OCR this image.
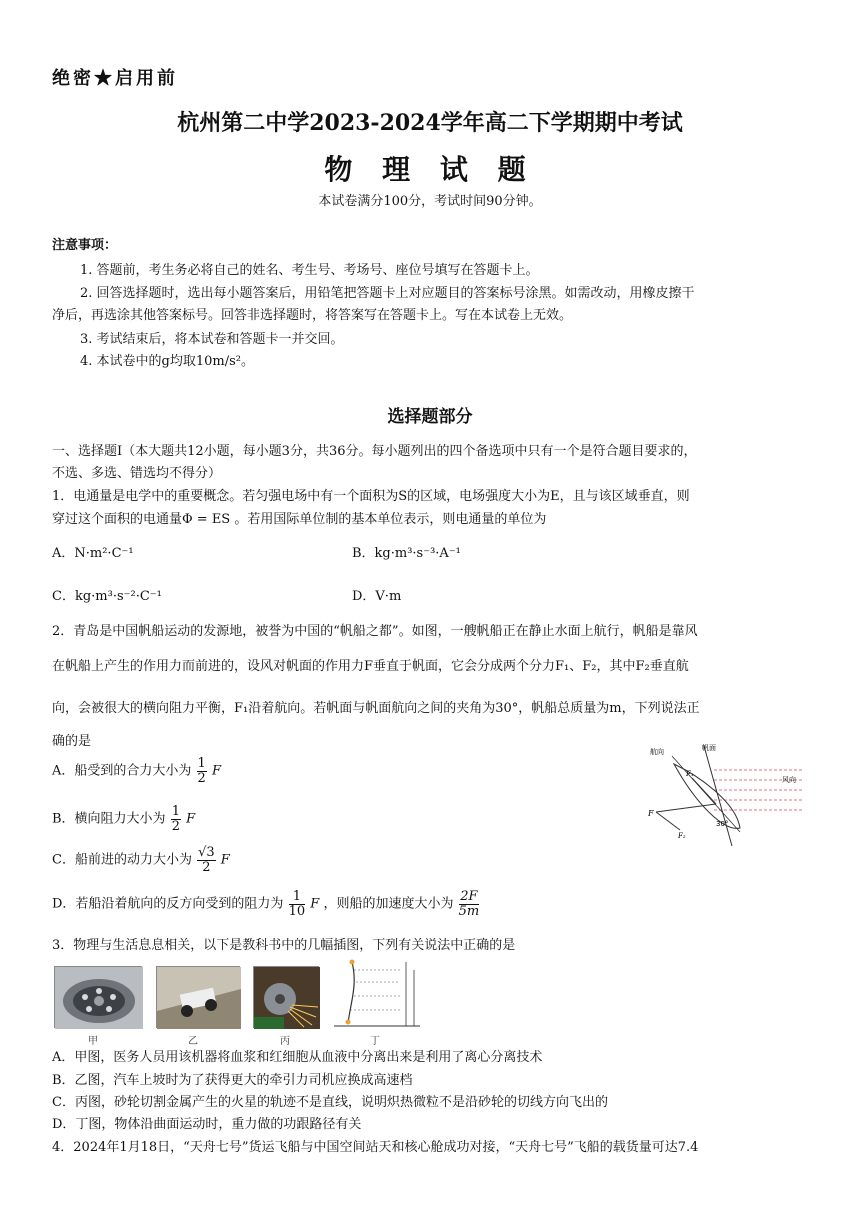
绝密★启用前
杭州第二中学2023-2024学年高二下学期期中考试
物 理 试 题
本试卷满分100分，考试时间90分钟。
注意事项：
1. 答题前，考生务必将自己的姓名、考生号、考场号、座位号填写在答题卡上。
2. 回答选择题时，选出每小题答案后，用铅笔把答题卡上对应题目的答案标号涂黑。如需改动，用橡皮擦干
净后，再选涂其他答案标号。回答非选择题时，将答案写在答题卡上。写在本试卷上无效。
3. 考试结束后，将本试卷和答题卡一并交回。
4. 本试卷中的g均取10m/s²。
选择题部分
一、选择题Ⅰ（本大题共12小题，每小题3分，共36分。每小题列出的四个备选项中只有一个是符合题目要求的，
不选、多选、错选均不得分）
1．电通量是电学中的重要概念。若匀强电场中有一个面积为S的区域，电场强度大小为E，且与该区域垂直，则
穿过这个面积的电通量Φ = ES 。若用国际单位制的基本单位表示，则电通量的单位为
A．N·m²·C⁻¹	B．kg·m³·s⁻³·A⁻¹
C．kg·m³·s⁻²·C⁻¹	D．V·m
2．青岛是中国帆船运动的发源地，被誉为中国的“帆船之都”。如图，一艘帆船正在静止水面上航行，帆船是靠风
在帆船上产生的作用力而前进的，设风对帆面的作用力F垂直于帆面，它会分成两个分力F₁、F₂，其中F₂垂直航
向，会被很大的横向阻力平衡，F₁沿着航向。若帆面与帆面航向之间的夹角为30°，帆船总质量为m，下列说法正
确的是
A．船受到的合力大小为 $\frac{1}{2}$ F
B．横向阻力大小为 $\frac{1}{2}$ F
C．船前进的动力大小为 $\frac{√3}{2}$ F
D．若船沿着航向的反方向受到的阻力为 $\frac{1}{10}$ F ，则船的加速度大小为 $\frac{2F}{5m}$
航向	帆面
风向
30°
F
F₁
F₂
3．物理与生活息息相关，以下是教科书中的几幅插图，下列有关说法中正确的是
甲	乙	丙	丁
A．甲图，医务人员用该机器将血浆和红细胞从血液中分离出来是利用了离心分离技术
B．乙图，汽车上坡时为了获得更大的牵引力司机应换成高速档
C．丙图，砂轮切割金属产生的火星的轨迹不是直线，说明炽热微粒不是沿砂轮的切线方向飞出的
D．丁图，物体沿曲面运动时，重力做的功跟路径有关
4．2024年1月18日，“天舟七号”货运飞船与中国空间站天和核心舱成功对接，“天舟七号”飞船的载货量可达7.4
